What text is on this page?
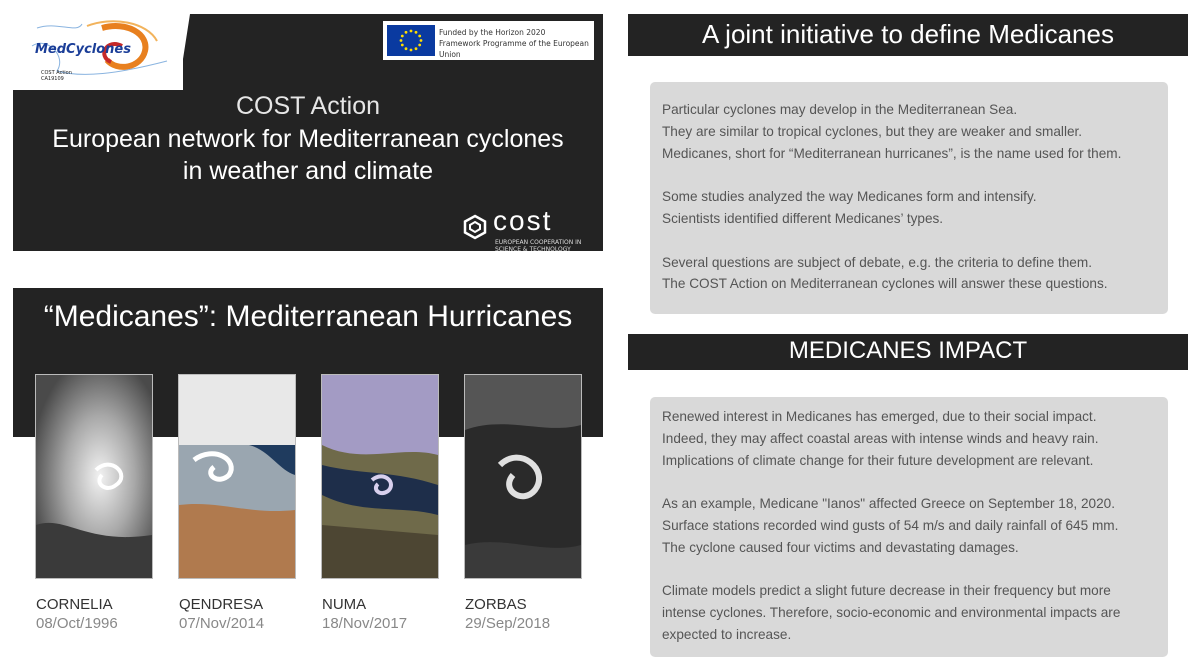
MedCyclones
COST Action CA19109
Funded by the Horizon 2020 Framework Programme of the European Union
COST Action
European network for Mediterranean cyclones
in weather and climate
cost
EUROPEAN COOPERATION IN SCIENCE & TECHNOLOGY
“Medicanes”: Mediterranean Hurricanes
CORNELIA
08/Oct/1996
QENDRESA
07/Nov/2014
NUMA
18/Nov/2017
ZORBAS
29/Sep/2018
A joint initiative to define Medicanes

Particular cyclones may develop in the Mediterranean Sea.
They are similar to tropical cyclones, but they are weaker and smaller.
Medicanes, short for “Mediterranean hurricanes”, is the name used for them.

Some studies analyzed the way Medicanes form and intensify.
Scientists identified different Medicanes’ types.

Several questions are subject of debate, e.g. the criteria to define them.
The COST Action on Mediterranean cyclones will answer these questions.

MEDICANES IMPACT

Renewed interest in Medicanes has emerged, due to their social impact.
Indeed, they may affect coastal areas with intense winds and heavy rain.
Implications of climate change for their future development are relevant.

As an example, Medicane "Ianos" affected Greece on September 18, 2020.
Surface stations recorded wind gusts of 54 m/s and daily rainfall of 645 mm.
The cyclone caused four victims and devastating damages.

Climate models predict a slight future decrease in their frequency but more
intense cyclones. Therefore, socio-economic and environmental impacts are
expected to increase.
